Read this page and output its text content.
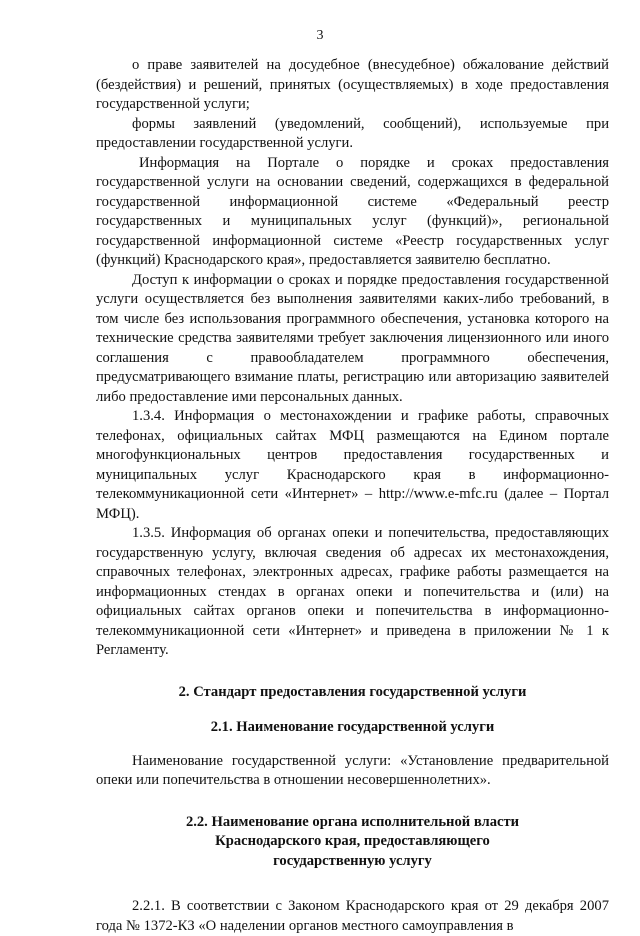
3

о праве заявителей на досудебное (внесудебное) обжалование действий (бездействия) и решений, принятых (осуществляемых) в ходе предоставления государственной услуги;

формы заявлений (уведомлений, сообщений), используемые при предоставлении государственной услуги.

Информация на Портале о порядке и сроках предоставления государственной услуги на основании сведений, содержащихся в федеральной государственной информационной системе «Федеральный реестр государственных и муниципальных услуг (функций)», региональной государственной информационной системе «Реестр государственных услуг (функций) Краснодарского края», предоставляется заявителю бесплатно.

Доступ к информации о сроках и порядке предоставления государственной услуги осуществляется без выполнения заявителями каких-либо требований, в том числе без использования программного обеспечения, установка которого на технические средства заявителями требует заключения лицензионного или иного соглашения с правообладателем программного обеспечения, предусматривающего взимание платы, регистрацию или авторизацию заявителей либо предоставление ими персональных данных.

1.3.4. Информация о местонахождении и графике работы, справочных телефонах, официальных сайтах МФЦ размещаются на Едином портале многофункциональных центров предоставления государственных и муниципальных услуг Краснодарского края в информационно-телекоммуникационной сети «Интернет» – http://www.e-mfc.ru (далее – Портал МФЦ).

1.3.5. Информация об органах опеки и попечительства, предоставляющих государственную услугу, включая сведения об адресах их местонахождения, справочных телефонах, электронных адресах, графике работы размещается на информационных стендах в органах опеки и попечительства и (или) на официальных сайтах органов опеки и попечительства в информационно-телекоммуникационной сети «Интернет» и приведена в приложении № 1 к Регламенту.

2. Стандарт предоставления государственной услуги

2.1. Наименование государственной услуги

Наименование государственной услуги: «Установление предварительной опеки или попечительства в отношении несовершеннолетних».

2.2. Наименование органа исполнительной власти

Краснодарского края, предоставляющего

государственную услугу

2.2.1. В соответствии с Законом Краснодарского края от 29 декабря 2007 года № 1372-КЗ «О наделении органов местного самоуправления в
